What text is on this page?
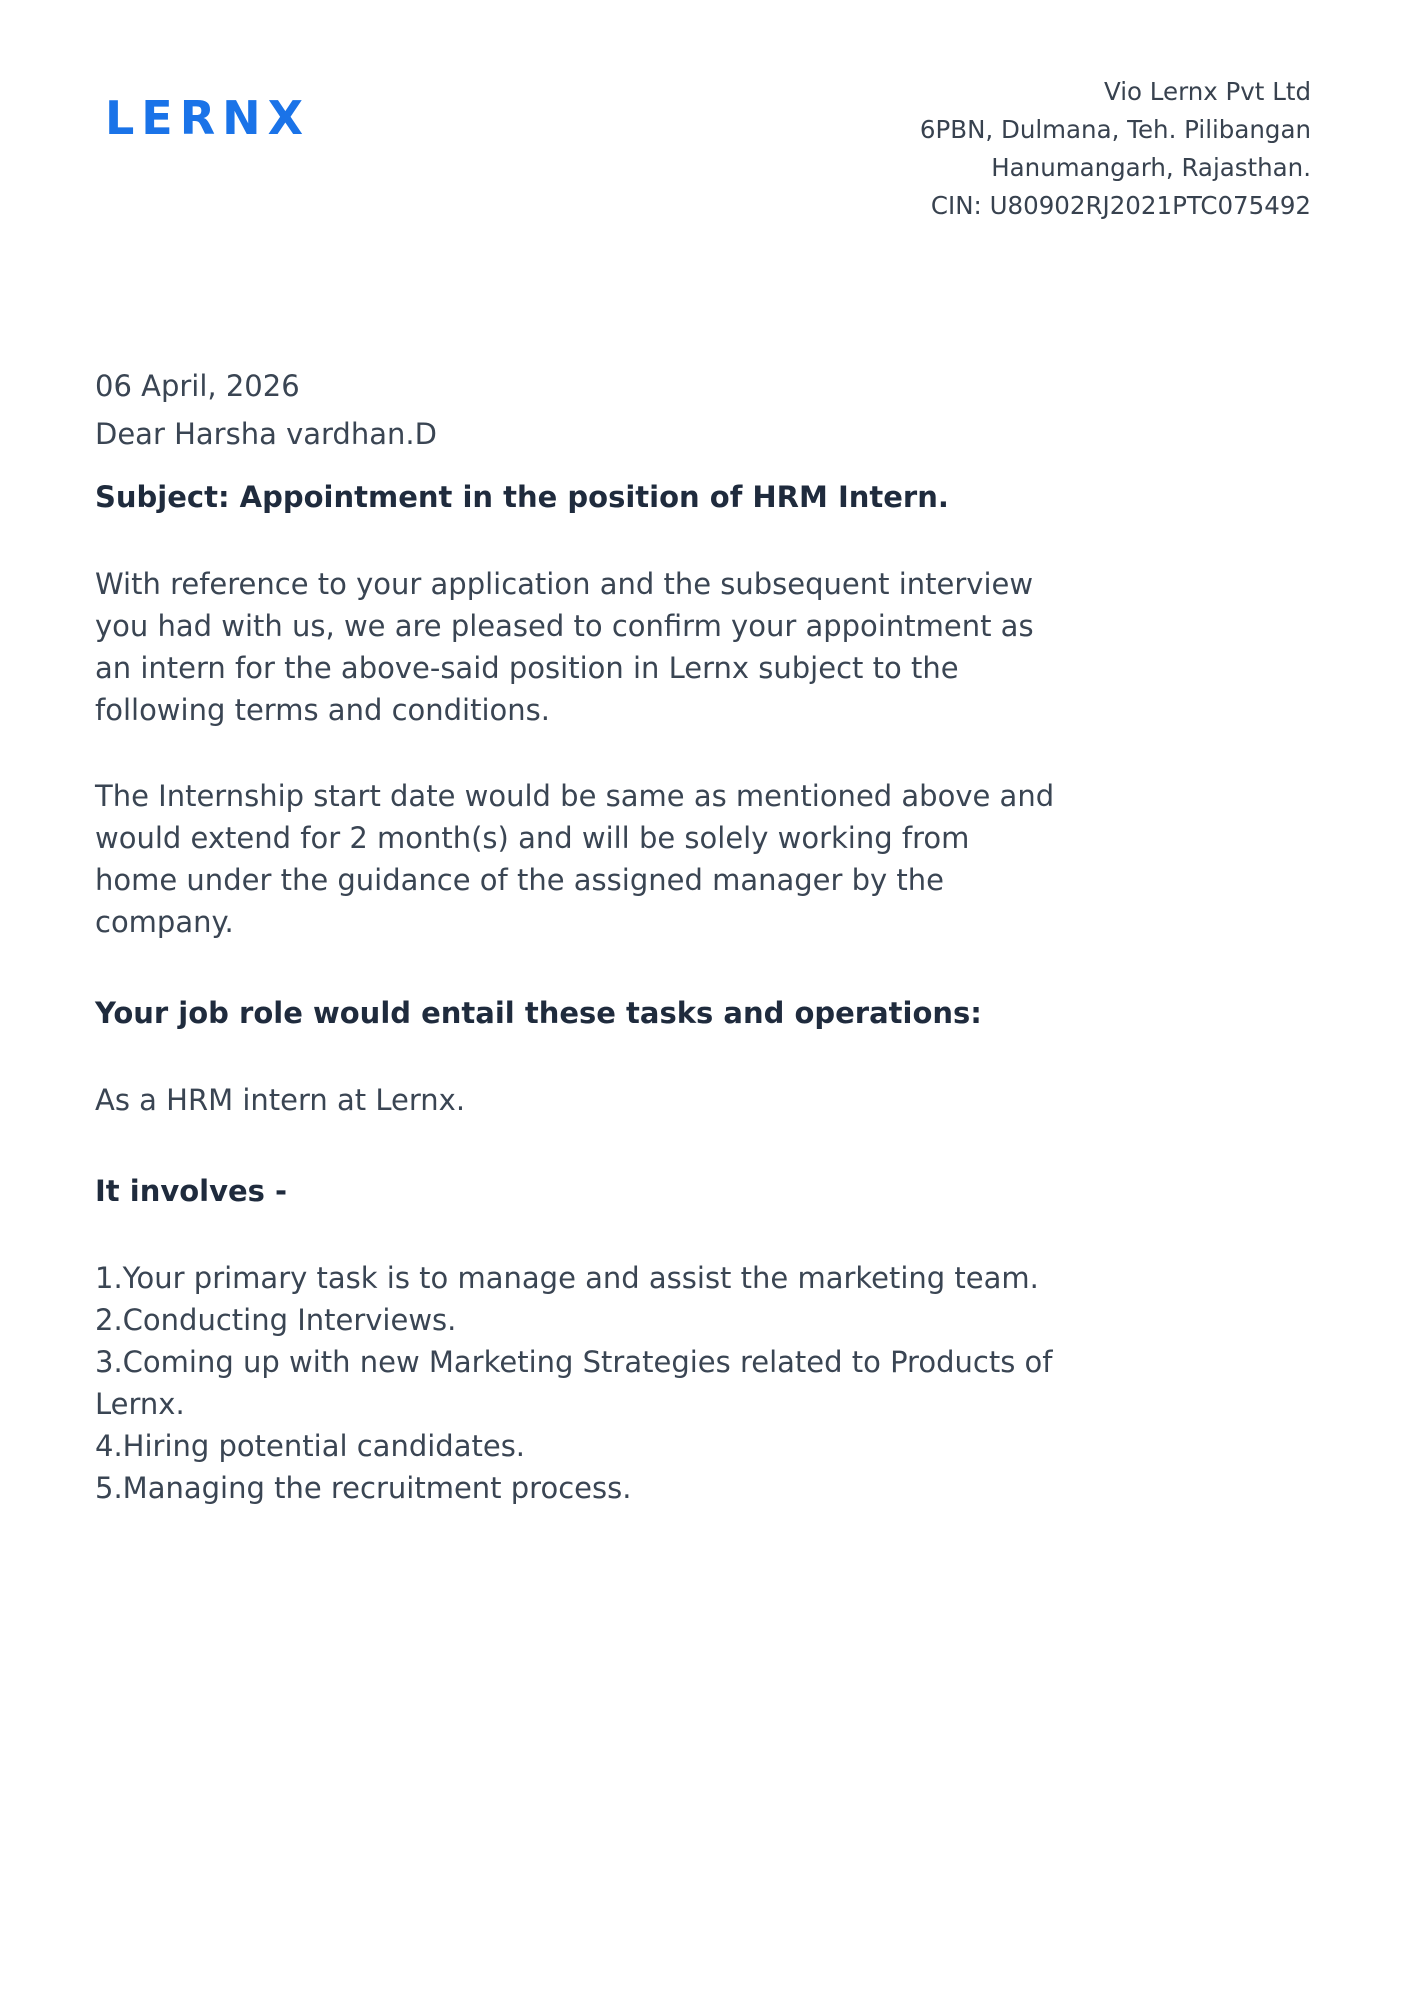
LERNX	Vio Lernx Pvt Ltd
6PBN, Dulmana, Teh. Pilibangan
Hanumangarh, Rajasthan.
CIN: U80902RJ2021PTC075492

06 April, 2026

Dear Harsha vardhan.D

Subject: Appointment in the position of HRM Intern.

With reference to your application and the subsequent interview you had with us, we are pleased to confirm your appointment as an intern for the above-said position in Lernx subject to the following terms and conditions.

The Internship start date would be same as mentioned above and would extend for 2 month(s) and will be solely working from home under the guidance of the assigned manager by the company.

Your job role would entail these tasks and operations:

As a HRM intern at Lernx.

It involves -

1.Your primary task is to manage and assist the marketing team.
2.Conducting Interviews.
3.Coming up with new Marketing Strategies related to Products of Lernx.
4.Hiring potential candidates.
5.Managing the recruitment process.
